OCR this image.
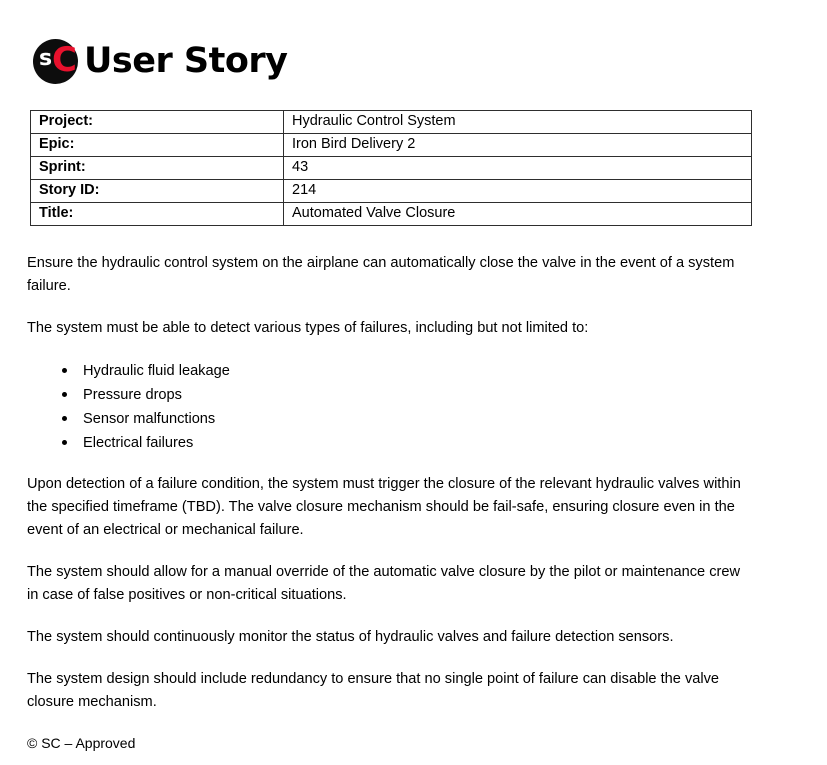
s C User Story
Project:	Hydraulic Control System
Epic:	Iron Bird Delivery 2
Sprint:	43
Story ID:	214
Title:	Automated Valve Closure

Ensure the hydraulic control system on the airplane can automatically close the valve in the event of a system failure.

The system must be able to detect various types of failures, including but not limited to:

Hydraulic fluid leakage
Pressure drops
Sensor malfunctions
Electrical failures

Upon detection of a failure condition, the system must trigger the closure of the relevant hydraulic valves within the specified timeframe (TBD). The valve closure mechanism should be fail-safe, ensuring closure even in the event of an electrical or mechanical failure.

The system should allow for a manual override of the automatic valve closure by the pilot or maintenance crew in case of false positives or non-critical situations.

The system should continuously monitor the status of hydraulic valves and failure detection sensors.

The system design should include redundancy to ensure that no single point of failure can disable the valve closure mechanism.

© SC – Approved
